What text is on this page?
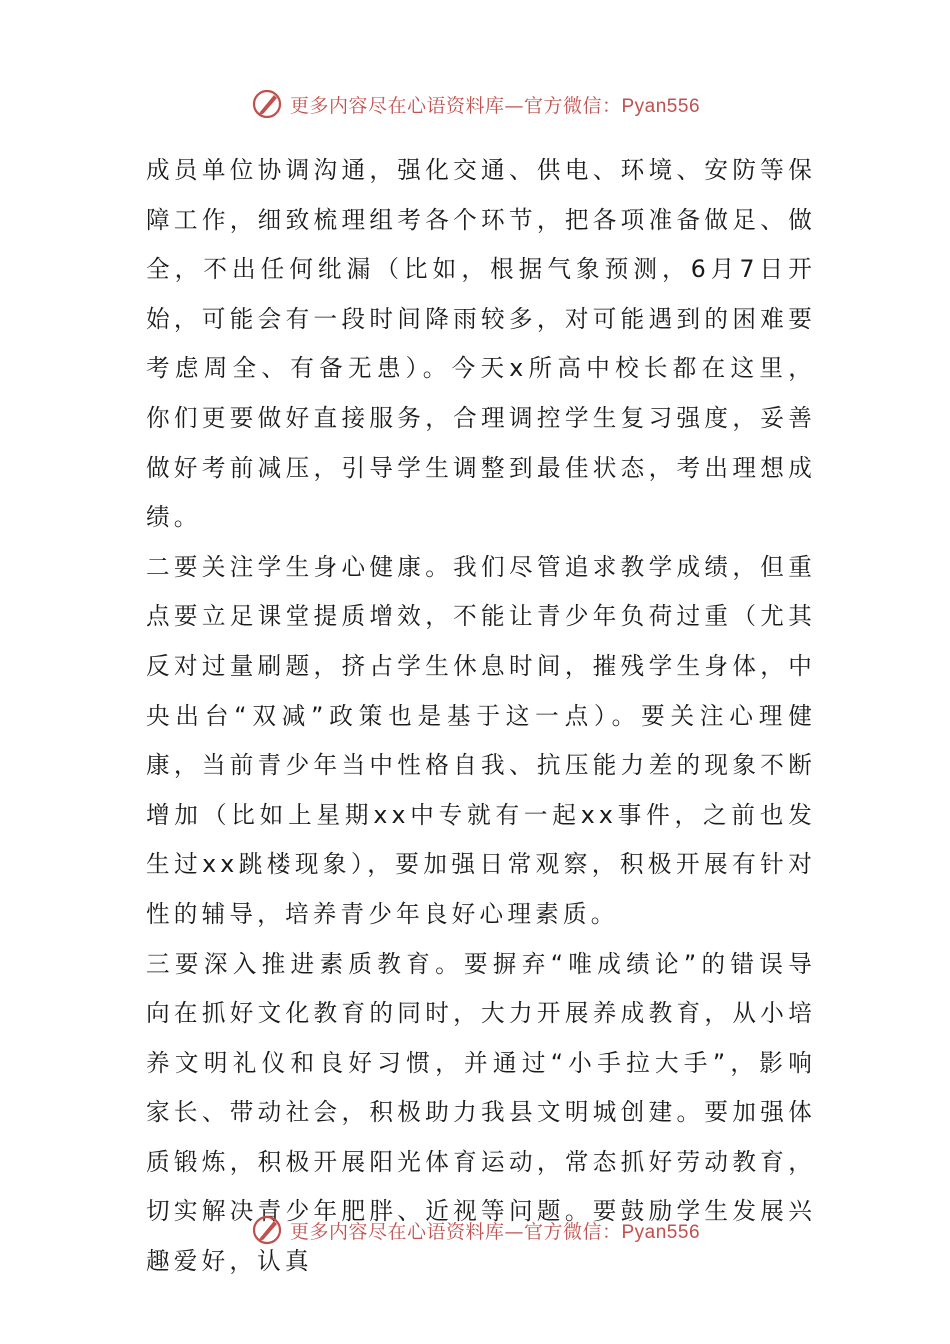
更多内容尽在心语资料库—官方微信：Pyan556

成员单位协调沟通，强化交通、供电、环境、安防等保障工作，细致梳理组考各个环节，把各项准备做足、做全，不出任何纰漏（比如，根据气象预测，6月7日开始，可能会有一段时间降雨较多，对可能遇到的困难要考虑周全、有备无患）。今天x所高中校长都在这里，你们更要做好直接服务，合理调控学生复习强度，妥善做好考前减压，引导学生调整到最佳状态，考出理想成绩。

二要关注学生身心健康。我们尽管追求教学成绩，但重点要立足课堂提质增效，不能让青少年负荷过重（尤其反对过量刷题，挤占学生休息时间，摧残学生身体，中央出台“双减”政策也是基于这一点）。要关注心理健康，当前青少年当中性格自我、抗压能力差的现象不断增加（比如上星期xx中专就有一起xx事件，之前也发生过xx跳楼现象），要加强日常观察，积极开展有针对性的辅导，培养青少年良好心理素质。

三要深入推进素质教育。要摒弃“唯成绩论”的错误导向在抓好文化教育的同时，大力开展养成教育，从小培养文明礼仪和良好习惯，并通过“小手拉大手”，影响家长、带动社会，积极助力我县文明城创建。要加强体质锻炼，积极开展阳光体育运动，常态抓好劳动教育，切实解决青少年肥胖、近视等问题。要鼓励学生发展兴趣爱好，认真

更多内容尽在心语资料库—官方微信：Pyan556
